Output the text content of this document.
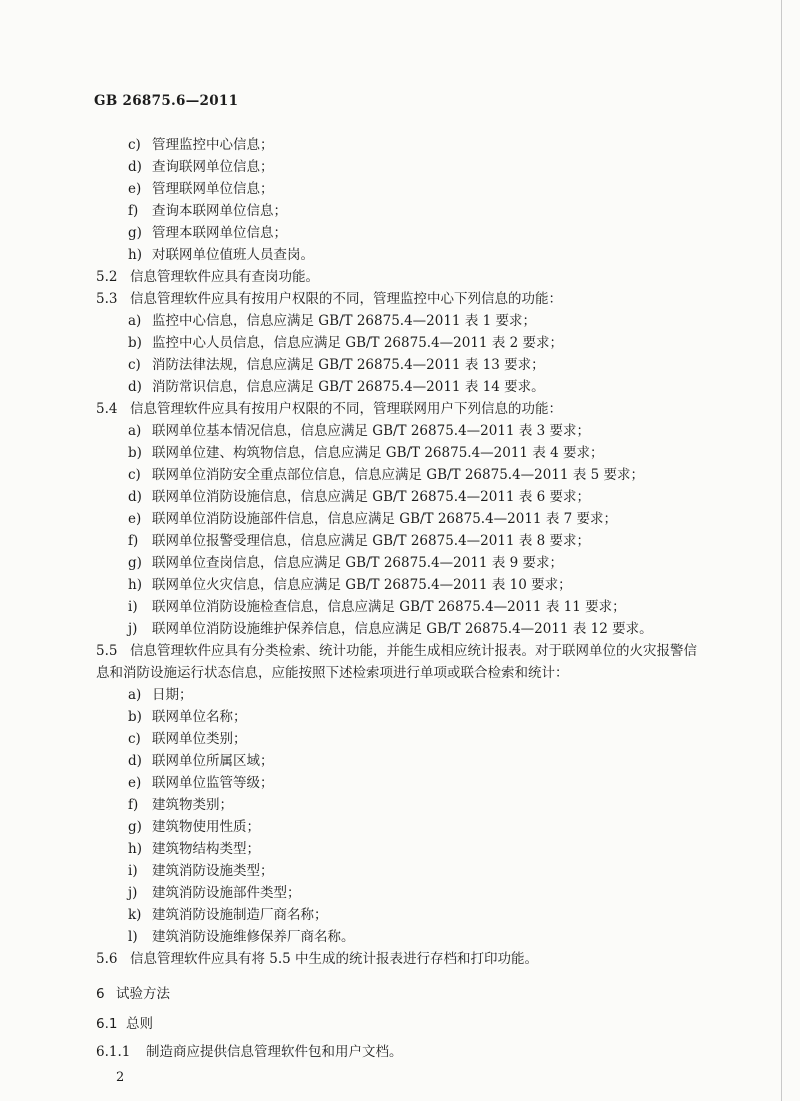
GB 26875.6—2011
c) 管理监控中心信息；
d) 查询联网单位信息；
e) 管理联网单位信息；
f) 查询本联网单位信息；
g) 管理本联网单位信息；
h) 对联网单位值班人员查岗。
5.2 信息管理软件应具有查岗功能。
5.3 信息管理软件应具有按用户权限的不同，管理监控中心下列信息的功能：
a) 监控中心信息，信息应满足 GB/T 26875.4—2011 表 1 要求；
b) 监控中心人员信息，信息应满足 GB/T 26875.4—2011 表 2 要求；
c) 消防法律法规，信息应满足 GB/T 26875.4—2011 表 13 要求；
d) 消防常识信息，信息应满足 GB/T 26875.4—2011 表 14 要求。
5.4 信息管理软件应具有按用户权限的不同，管理联网用户下列信息的功能：
a) 联网单位基本情况信息，信息应满足 GB/T 26875.4—2011 表 3 要求；
b) 联网单位建、构筑物信息，信息应满足 GB/T 26875.4—2011 表 4 要求；
c) 联网单位消防安全重点部位信息，信息应满足 GB/T 26875.4—2011 表 5 要求；
d) 联网单位消防设施信息，信息应满足 GB/T 26875.4—2011 表 6 要求；
e) 联网单位消防设施部件信息，信息应满足 GB/T 26875.4—2011 表 7 要求；
f) 联网单位报警受理信息，信息应满足 GB/T 26875.4—2011 表 8 要求；
g) 联网单位查岗信息，信息应满足 GB/T 26875.4—2011 表 9 要求；
h) 联网单位火灾信息，信息应满足 GB/T 26875.4—2011 表 10 要求；
i) 联网单位消防设施检查信息，信息应满足 GB/T 26875.4—2011 表 11 要求；
j) 联网单位消防设施维护保养信息，信息应满足 GB/T 26875.4—2011 表 12 要求。
5.5 信息管理软件应具有分类检索、统计功能，并能生成相应统计报表。对于联网单位的火灾报警信
息和消防设施运行状态信息，应能按照下述检索项进行单项或联合检索和统计：
a) 日期；
b) 联网单位名称；
c) 联网单位类别；
d) 联网单位所属区域；
e) 联网单位监管等级；
f) 建筑物类别；
g) 建筑物使用性质；
h) 建筑物结构类型；
i) 建筑消防设施类型；
j) 建筑消防设施部件类型；
k) 建筑消防设施制造厂商名称；
l) 建筑消防设施维修保养厂商名称。
5.6 信息管理软件应具有将 5.5 中生成的统计报表进行存档和打印功能。
6 试验方法
6.1 总则
6.1.1 制造商应提供信息管理软件包和用户文档。
2
